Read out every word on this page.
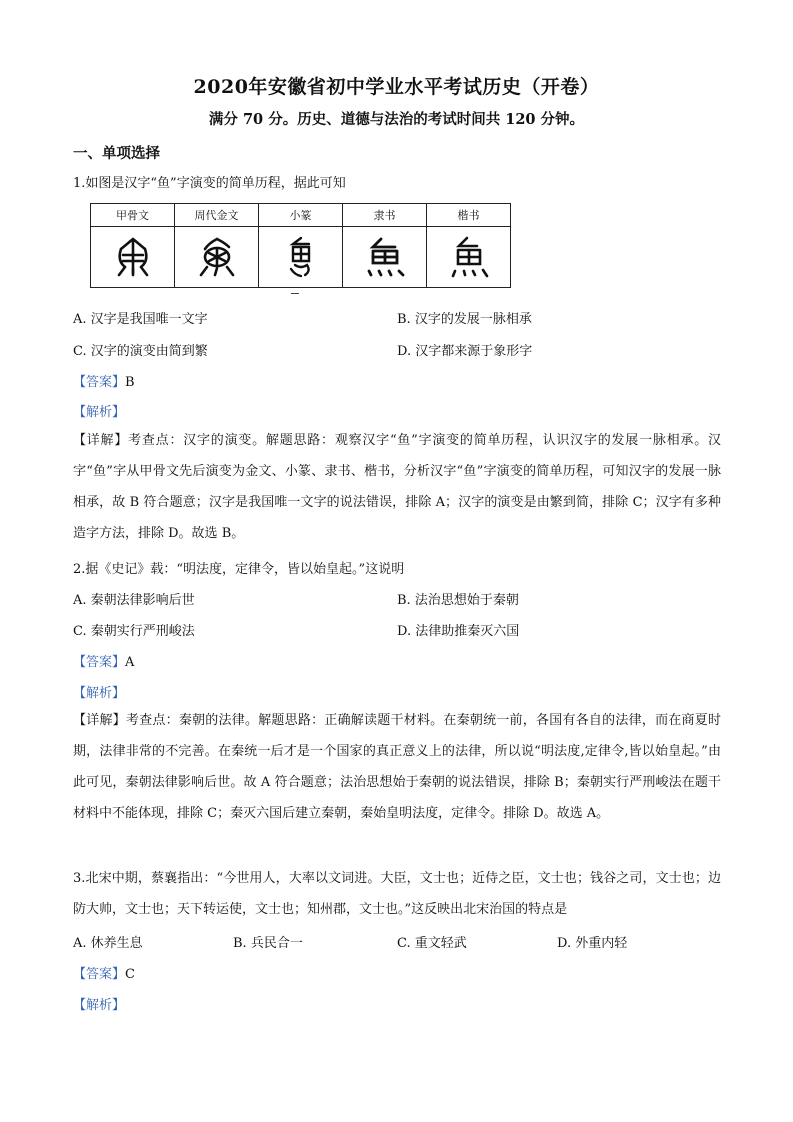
2020年安徽省初中学业水平考试历史（开卷）
满分 70 分。历史、道德与法治的考试时间共 120 分钟。
一、单项选择
1.如图是汉字“鱼”字演变的简单历程，据此可知
甲骨文	周代金文	小篆	隶书	楷书

A. 汉字是我国唯一文字	B. 汉字的发展一脉相承
C. 汉字的演变由简到繁	D. 汉字都来源于象形字
【答案】B
【解析】
【详解】考查点：汉字的演变。解题思路：观察汉字“鱼”字演变的简单历程，认识汉字的发展一脉相承。汉字“鱼”字从甲骨文先后演变为金文、小篆、隶书、楷书，分析汉字“鱼”字演变的简单历程，可知汉字的发展一脉相承，故 B 符合题意；汉字是我国唯一文字的说法错误，排除 A；汉字的演变是由繁到简，排除 C；汉字有多种造字方法，排除 D。故选 B。
2.据《史记》载：“明法度，定律令，皆以始皇起。”这说明
A. 秦朝法律影响后世	B. 法治思想始于秦朝
C. 秦朝实行严刑峻法	D. 法律助推秦灭六国
【答案】A
【解析】
【详解】考查点：秦朝的法律。解题思路：正确解读题干材料。在秦朝统一前，各国有各自的法律，而在商夏时期，法律非常的不完善。在秦统一后才是一个国家的真正意义上的法律，所以说“明法度,定律令,皆以始皇起。”由此可见，秦朝法律影响后世。故 A 符合题意；法治思想始于秦朝的说法错误，排除 B；秦朝实行严刑峻法在题干材料中不能体现，排除 C；秦灭六国后建立秦朝，秦始皇明法度，定律令。排除 D。故选 A。
3.北宋中期，蔡襄指出：“今世用人，大率以文词进。大臣，文士也；近侍之臣，文士也；钱谷之司，文士也；边防大帅，文士也；天下转运使，文士也；知州郡，文士也。”这反映出北宋治国的特点是
A. 休养生息	B. 兵民合一	C. 重文轻武	D. 外重内轻
【答案】C
【解析】
